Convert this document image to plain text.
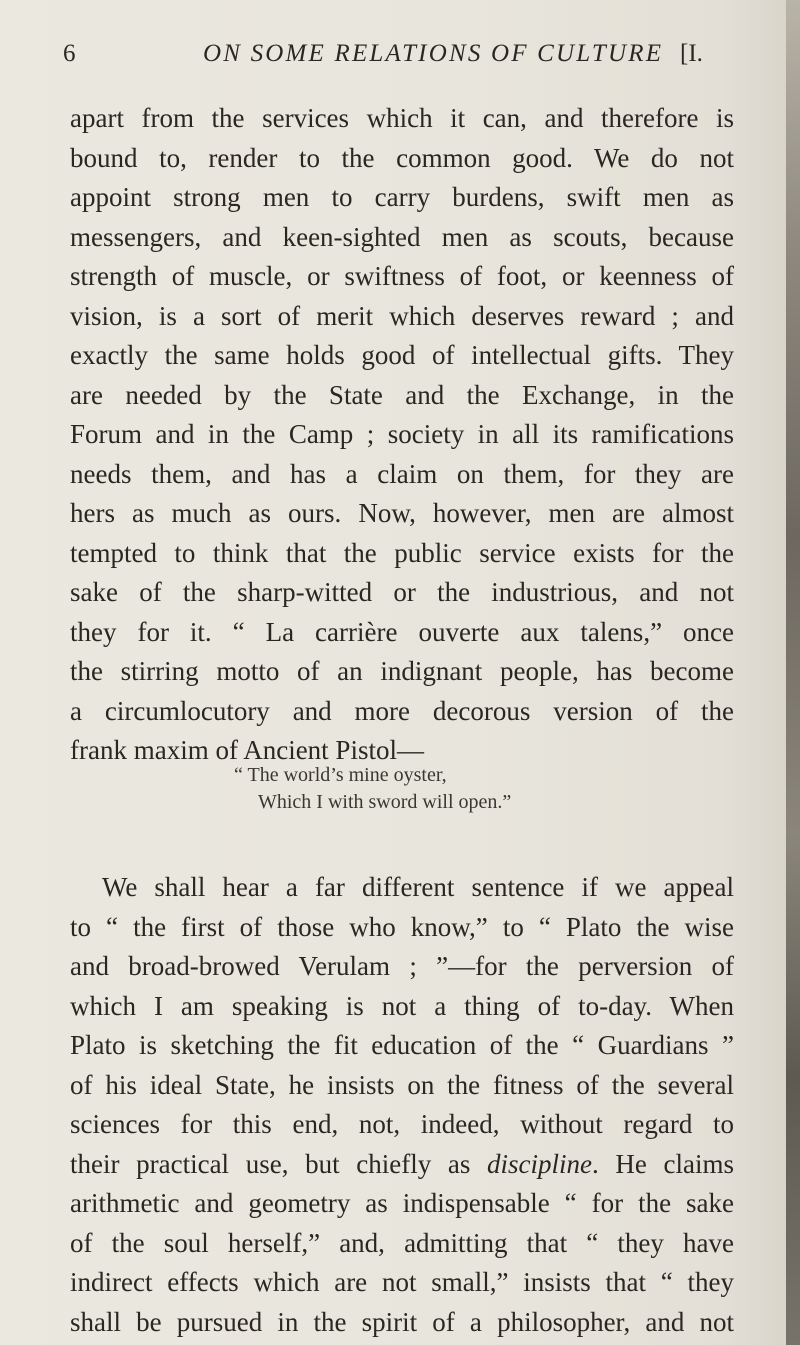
6	ON SOME RELATIONS OF CULTURE [I.
apart from the services which it can, and therefore is
bound to, render to the common good. We do not
appoint strong men to carry burdens, swift men as
messengers, and keen-sighted men as scouts, because
strength of muscle, or swiftness of foot, or keenness of
vision, is a sort of merit which deserves reward ; and
exactly the same holds good of intellectual gifts. They
are needed by the State and the Exchange, in the
Forum and in the Camp ; society in all its ramifications
needs them, and has a claim on them, for they are
hers as much as ours. Now, however, men are almost
tempted to think that the public service exists for the
sake of the sharp-witted or the industrious, and not
they for it. “ La carrière ouverte aux talens,” once
the stirring motto of an indignant people, has become
a circumlocutory and more decorous version of the
frank maxim of Ancient Pistol—
“ The world’s mine oyster,
Which I with sword will open.”
We shall hear a far different sentence if we appeal
to “ the first of those who know,” to “ Plato the wise
and broad-browed Verulam ; ”—for the perversion of
which I am speaking is not a thing of to-day. When
Plato is sketching the fit education of the “ Guardians ”
of his ideal State, he insists on the fitness of the several
sciences for this end, not, indeed, without regard to
their practical use, but chiefly as discipline. He claims
arithmetic and geometry as indispensable “ for the sake
of the soul herself,” and, admitting that “ they have
indirect effects which are not small,” insists that “ they
shall be pursued in the spirit of a philosopher, and not
